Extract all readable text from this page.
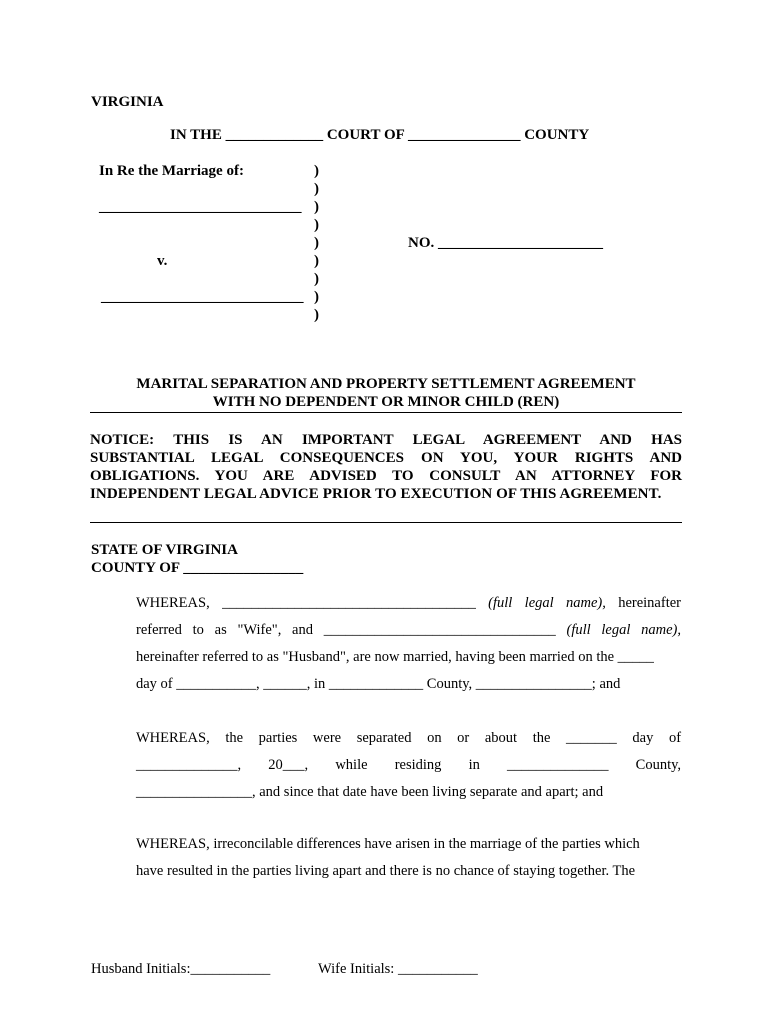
VIRGINIA
IN THE _____________ COURT OF _______________ COUNTY
In Re the Marriage of:
___________________________
v.
___________________________
NO. ______________________
)
)
)
)
)
)
)
)
)
MARITAL SEPARATION AND PROPERTY SETTLEMENT AGREEMENT
WITH NO DEPENDENT OR MINOR CHILD (REN)
NOTICE: THIS IS AN IMPORTANT LEGAL AGREEMENT AND HAS
SUBSTANTIAL LEGAL CONSEQUENCES ON YOU, YOUR RIGHTS AND
OBLIGATIONS. YOU ARE ADVISED TO CONSULT AN ATTORNEY FOR
INDEPENDENT LEGAL ADVICE PRIOR TO EXECUTION OF THIS AGREEMENT.
STATE OF VIRGINIA
COUNTY OF ________________
WHEREAS, ___________________________________ (full legal name), hereinafter
referred to as "Wife", and ________________________________ (full legal name),
hereinafter referred to as "Husband", are now married, having been married on the _____
day of ___________, ______, in _____________ County, ________________; and
WHEREAS, the parties were separated on or about the _______ day of
______________, 20___, while residing in ______________ County,
________________, and since that date have been living separate and apart; and
WHEREAS, irreconcilable differences have arisen in the marriage of the parties which
have resulted in the parties living apart and there is no chance of staying together. The
Husband Initials:___________	Wife Initials: ___________
